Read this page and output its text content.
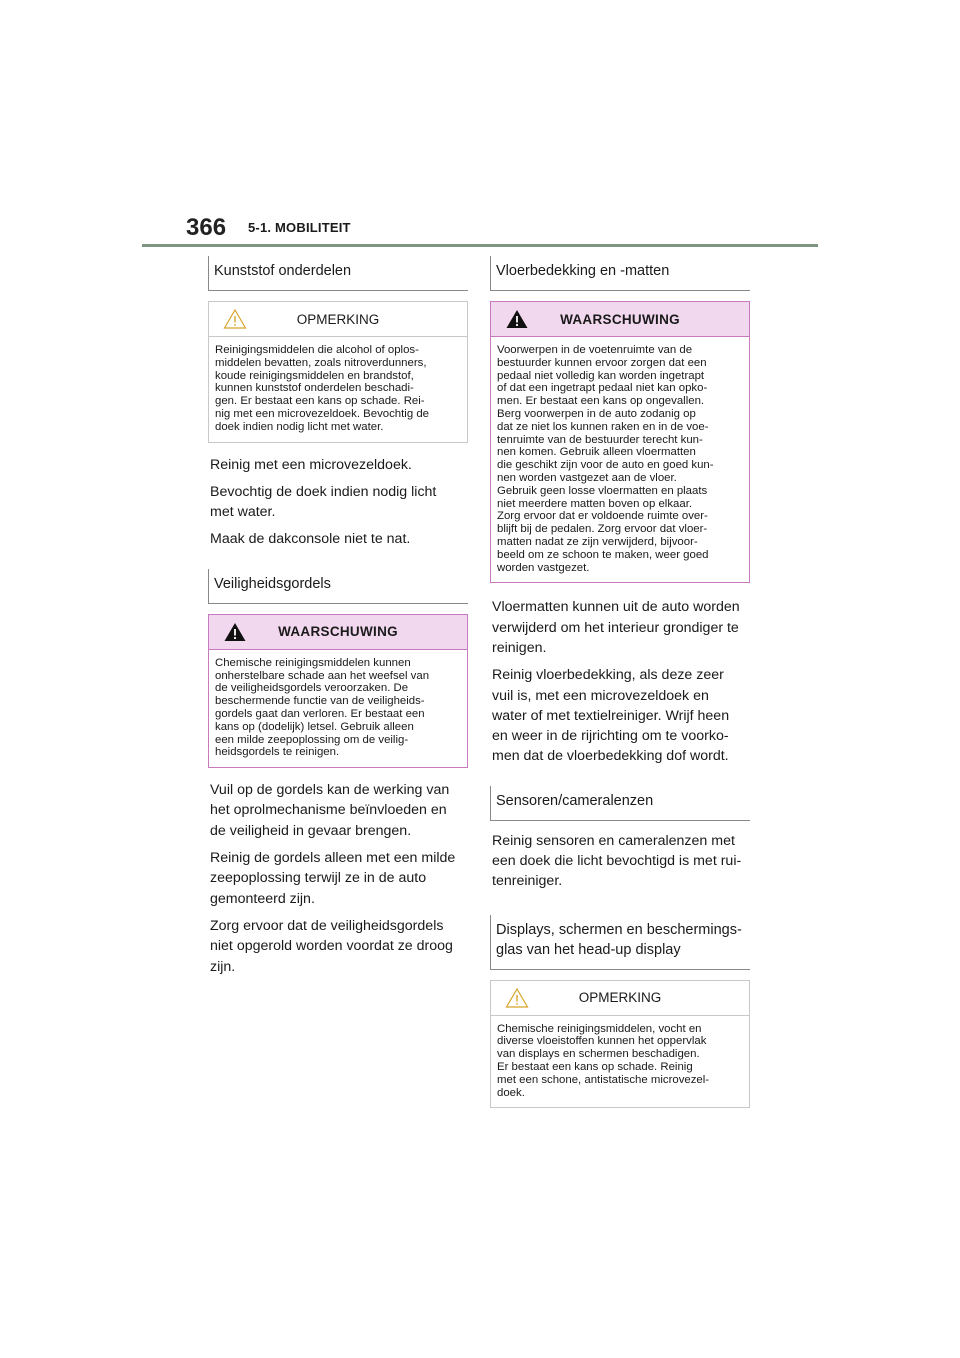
366 5-1. MOBILITEIT
Kunststof onderdelen
OPMERKING
Reinigingsmiddelen die alcohol of oplos-
middelen bevatten, zoals nitroverdunners,
koude reinigingsmiddelen en brandstof,
kunnen kunststof onderdelen beschadi-
gen. Er bestaat een kans op schade. Rei-
nig met een microvezeldoek. Bevochtig de
doek indien nodig licht met water.
Reinig met een microvezeldoek.
Bevochtig de doek indien nodig licht
met water.
Maak de dakconsole niet te nat.
Veiligheidsgordels
WAARSCHUWING
Chemische reinigingsmiddelen kunnen
onherstelbare schade aan het weefsel van
de veiligheidsgordels veroorzaken. De
beschermende functie van de veiligheids-
gordels gaat dan verloren. Er bestaat een
kans op (dodelijk) letsel. Gebruik alleen
een milde zeepoplossing om de veilig-
heidsgordels te reinigen.
Vuil op de gordels kan de werking van
het oprolmechanisme beïnvloeden en
de veiligheid in gevaar brengen.
Reinig de gordels alleen met een milde
zeepoplossing terwijl ze in de auto
gemonteerd zijn.
Zorg ervoor dat de veiligheidsgordels
niet opgerold worden voordat ze droog
zijn.
Vloerbedekking en -matten
WAARSCHUWING
Voorwerpen in de voetenruimte van de
bestuurder kunnen ervoor zorgen dat een
pedaal niet volledig kan worden ingetrapt
of dat een ingetrapt pedaal niet kan opko-
men. Er bestaat een kans op ongevallen.
Berg voorwerpen in de auto zodanig op
dat ze niet los kunnen raken en in de voe-
tenruimte van de bestuurder terecht kun-
nen komen. Gebruik alleen vloermatten
die geschikt zijn voor de auto en goed kun-
nen worden vastgezet aan de vloer.
Gebruik geen losse vloermatten en plaats
niet meerdere matten boven op elkaar.
Zorg ervoor dat er voldoende ruimte over-
blijft bij de pedalen. Zorg ervoor dat vloer-
matten nadat ze zijn verwijderd, bijvoor-
beeld om ze schoon te maken, weer goed
worden vastgezet.
Vloermatten kunnen uit de auto worden
verwijderd om het interieur grondiger te
reinigen.
Reinig vloerbedekking, als deze zeer
vuil is, met een microvezeldoek en
water of met textielreiniger. Wrijf heen
en weer in de rijrichting om te voorko-
men dat de vloerbedekking dof wordt.
Sensoren/cameralenzen
Reinig sensoren en cameralenzen met
een doek die licht bevochtigd is met rui-
tenreiniger.
Displays, schermen en beschermings-
glas van het head-up display
OPMERKING
Chemische reinigingsmiddelen, vocht en
diverse vloeistoffen kunnen het oppervlak
van displays en schermen beschadigen.
Er bestaat een kans op schade. Reinig
met een schone, antistatische microvezel-
doek.
